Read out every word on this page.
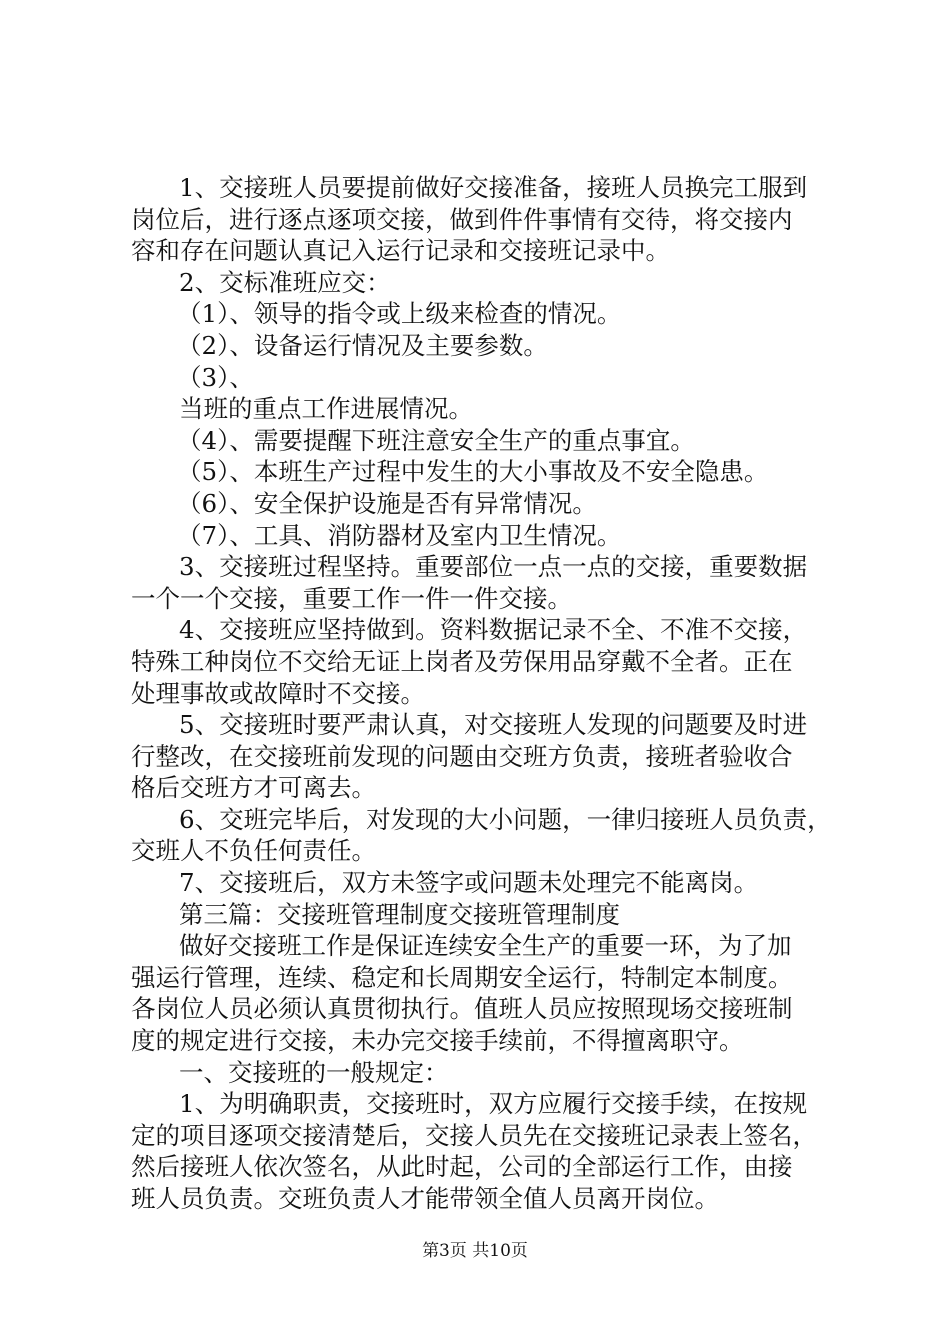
1、交接班人员要提前做好交接准备，接班人员换完工服到
岗位后，进行逐点逐项交接，做到件件事情有交待，将交接内
容和存在问题认真记入运行记录和交接班记录中。
2、交标准班应交：
（1）、领导的指令或上级来检查的情况。
（2）、设备运行情况及主要参数。
（3）、
当班的重点工作进展情况。
（4）、需要提醒下班注意安全生产的重点事宜。
（5）、本班生产过程中发生的大小事故及不安全隐患。
（6）、安全保护设施是否有异常情况。
（7）、工具、消防器材及室内卫生情况。
3、交接班过程坚持。重要部位一点一点的交接，重要数据
一个一个交接，重要工作一件一件交接。
4、交接班应坚持做到。资料数据记录不全、不准不交接，
特殊工种岗位不交给无证上岗者及劳保用品穿戴不全者。正在
处理事故或故障时不交接。
5、交接班时要严肃认真，对交接班人发现的问题要及时进
行整改，在交接班前发现的问题由交班方负责，接班者验收合
格后交班方才可离去。
6、交班完毕后，对发现的大小问题，一律归接班人员负责，
交班人不负任何责任。
7、交接班后，双方未签字或问题未处理完不能离岗。
第三篇：交接班管理制度交接班管理制度
做好交接班工作是保证连续安全生产的重要一环，为了加
强运行管理，连续、稳定和长周期安全运行，特制定本制度。
各岗位人员必须认真贯彻执行。值班人员应按照现场交接班制
度的规定进行交接，未办完交接手续前，不得擅离职守。
一、交接班的一般规定：
1、为明确职责，交接班时，双方应履行交接手续，在按规
定的项目逐项交接清楚后，交接人员先在交接班记录表上签名，
然后接班人依次签名，从此时起，公司的全部运行工作，由接
班人员负责。交班负责人才能带领全值人员离开岗位。
第3页 共10页
